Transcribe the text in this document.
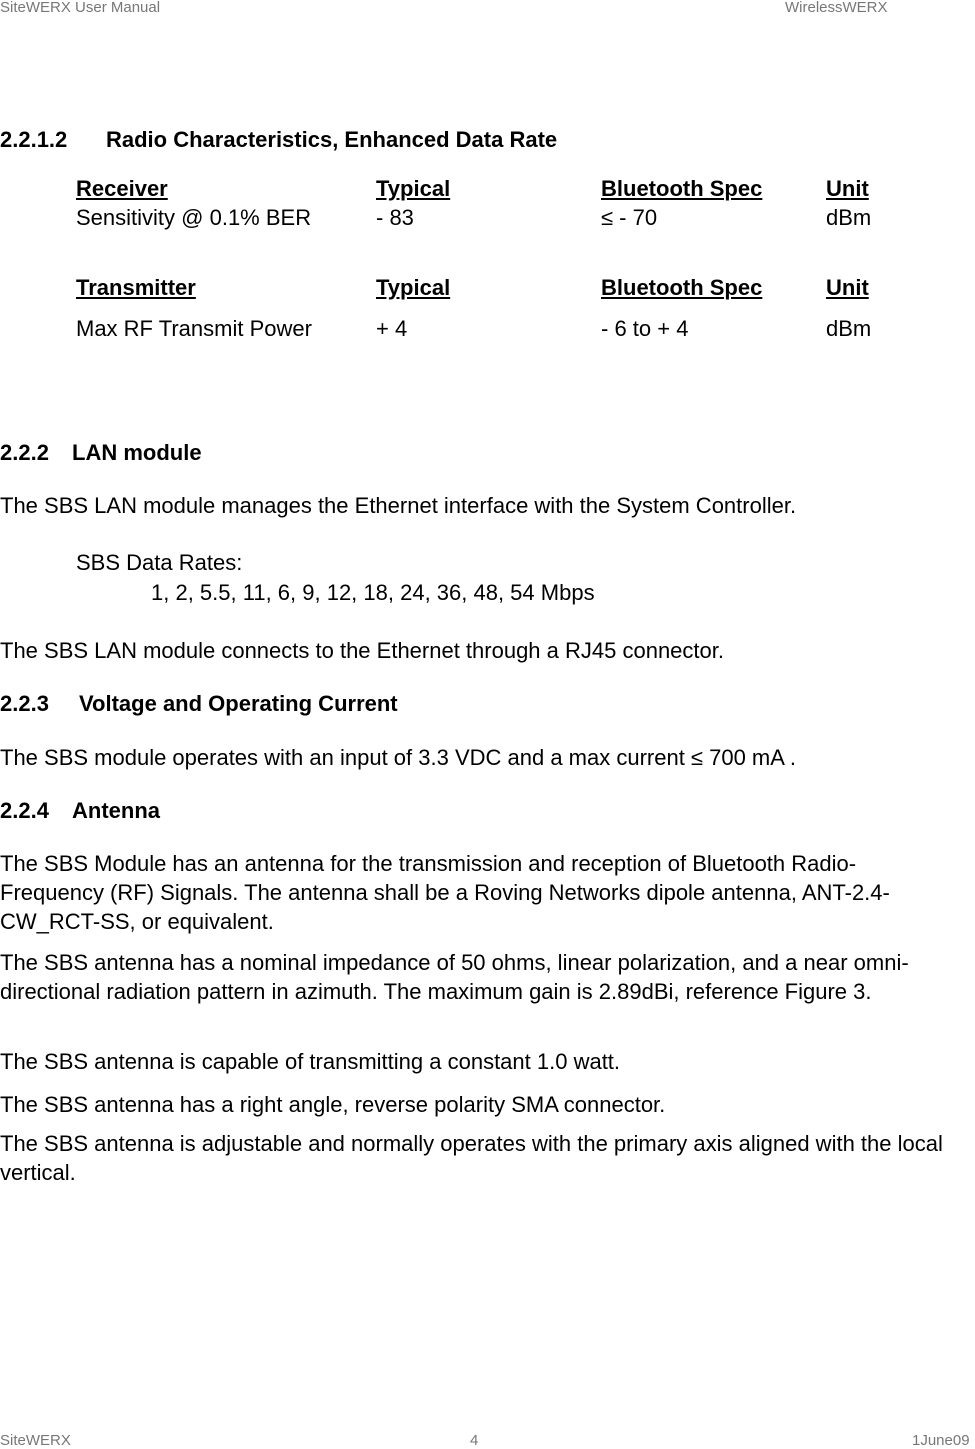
SiteWERX User Manual	WirelessWERX
2.2.1.2 Radio Characteristics, Enhanced Data Rate
Receiver	Typical	Bluetooth Spec	Unit
Sensitivity @ 0.1% BER	- 83	≤ - 70	dBm
Transmitter	Typical	Bluetooth Spec	Unit
Max RF Transmit Power	+ 4	- 6 to + 4	dBm
2.2.2 LAN module
The SBS LAN module manages the Ethernet interface with the System Controller.
SBS Data Rates:
1, 2, 5.5, 11, 6, 9, 12, 18, 24, 36, 48, 54 Mbps
The SBS LAN module connects to the Ethernet through a RJ45 connector.
2.2.3 Voltage and Operating Current
The SBS module operates with an input of 3.3 VDC and a max current ≤ 700 mA .
2.2.4 Antenna
The SBS Module has an antenna for the transmission and reception of Bluetooth Radio-Frequency (RF) Signals. The antenna shall be a Roving Networks dipole antenna, ANT-2.4-CW_RCT-SS, or equivalent.
The SBS antenna has a nominal impedance of 50 ohms, linear polarization, and a near omni-directional radiation pattern in azimuth. The maximum gain is 2.89dBi, reference Figure 3.
The SBS antenna is capable of transmitting a constant 1.0 watt.
The SBS antenna has a right angle, reverse polarity SMA connector.
The SBS antenna is adjustable and normally operates with the primary axis aligned with the local vertical.
SiteWERX	4	1June09
